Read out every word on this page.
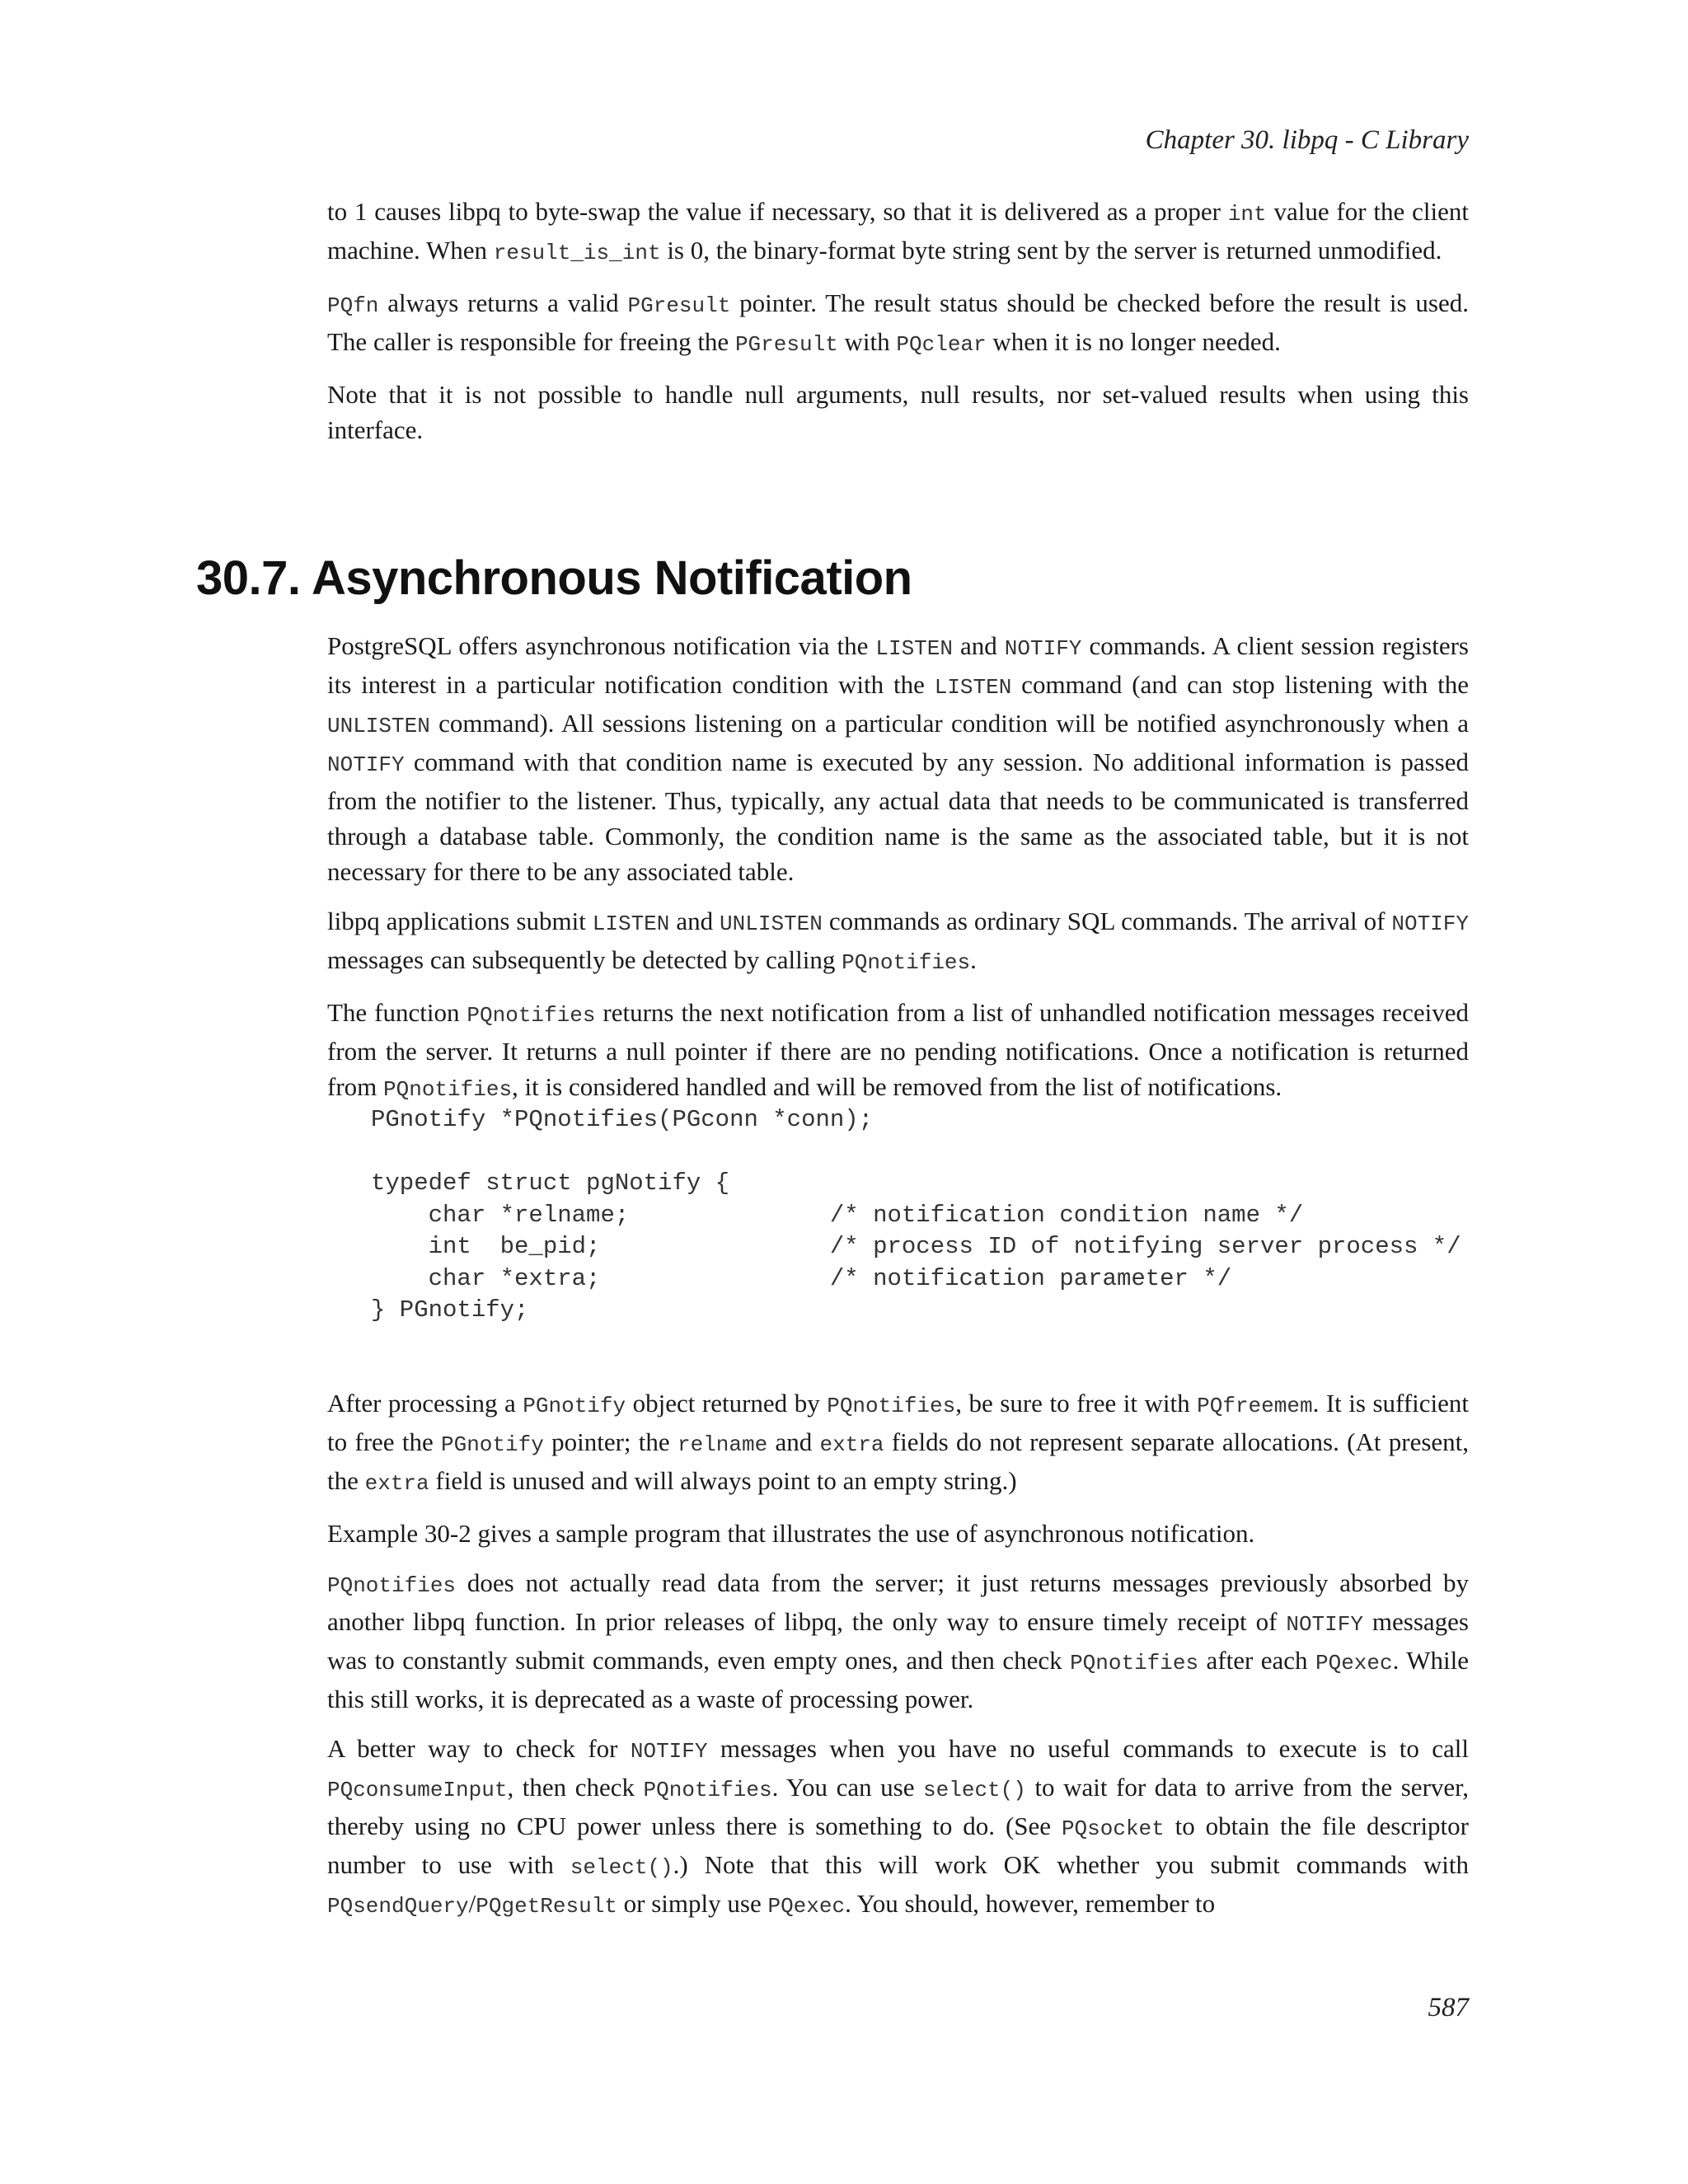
Chapter 30. libpq - C Library

to 1 causes libpq to byte-swap the value if necessary, so that it is delivered as a proper int value for the client machine. When result_is_int is 0, the binary-format byte string sent by the server is returned unmodified.

PQfn always returns a valid PGresult pointer. The result status should be checked before the result is used. The caller is responsible for freeing the PGresult with PQclear when it is no longer needed.

Note that it is not possible to handle null arguments, null results, nor set-valued results when using this interface.

30.7. Asynchronous Notification

PostgreSQL offers asynchronous notification via the LISTEN and NOTIFY commands. A client session registers its interest in a particular notification condition with the LISTEN command (and can stop listening with the UNLISTEN command). All sessions listening on a particular condition will be notified asynchronously when a NOTIFY command with that condition name is executed by any session. No additional information is passed from the notifier to the listener. Thus, typically, any actual data that needs to be communicated is transferred through a database table. Commonly, the condition name is the same as the associated table, but it is not necessary for there to be any associated table.

libpq applications submit LISTEN and UNLISTEN commands as ordinary SQL commands. The arrival of NOTIFY messages can subsequently be detected by calling PQnotifies.

The function PQnotifies returns the next notification from a list of unhandled notification messages received from the server. It returns a null pointer if there are no pending notifications. Once a notification is returned from PQnotifies, it is considered handled and will be removed from the list of notifications.

PGnotify *PQnotifies(PGconn *conn);

typedef struct pgNotify {
char *relname;              /* notification condition name */
int  be_pid;                /* process ID of notifying server process */
char *extra;                /* notification parameter */
} PGnotify;

After processing a PGnotify object returned by PQnotifies, be sure to free it with PQfreemem. It is sufficient to free the PGnotify pointer; the relname and extra fields do not represent separate allocations. (At present, the extra field is unused and will always point to an empty string.)

Example 30-2 gives a sample program that illustrates the use of asynchronous notification.

PQnotifies does not actually read data from the server; it just returns messages previously absorbed by another libpq function. In prior releases of libpq, the only way to ensure timely receipt of NOTIFY messages was to constantly submit commands, even empty ones, and then check PQnotifies after each PQexec. While this still works, it is deprecated as a waste of processing power.

A better way to check for NOTIFY messages when you have no useful commands to execute is to call PQconsumeInput, then check PQnotifies. You can use select() to wait for data to arrive from the server, thereby using no CPU power unless there is something to do. (See PQsocket to obtain the file descriptor number to use with select().) Note that this will work OK whether you submit commands with PQsendQuery/PQgetResult or simply use PQexec. You should, however, remember to

587
